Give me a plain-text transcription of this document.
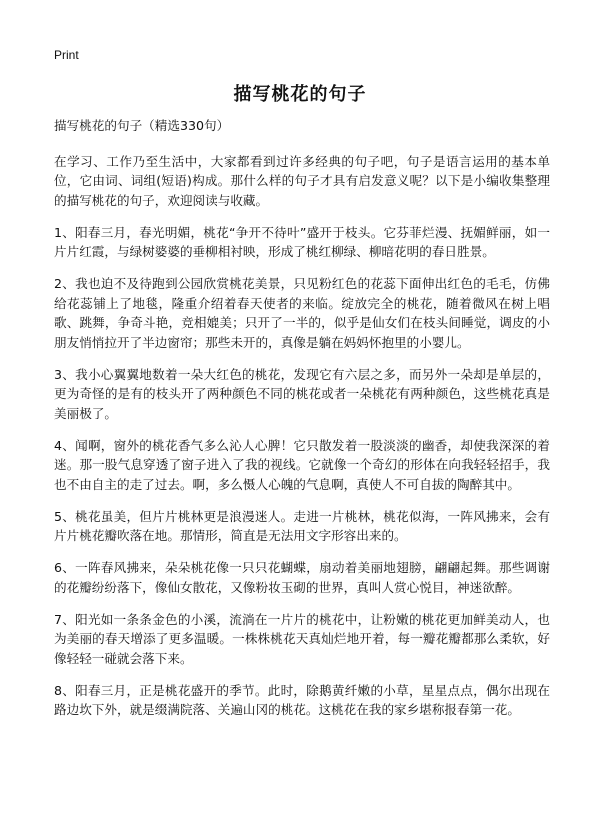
Print
描写桃花的句子

描写桃花的句子（精选330句）

在学习、工作乃至生活中，大家都看到过许多经典的句子吧，句子是语言运用的基本单位，它由词、词组(短语)构成。那什么样的句子才具有启发意义呢？以下是小编收集整理的描写桃花的句子，欢迎阅读与收藏。

1、阳春三月，春光明媚，桃花“争开不待叶”盛开于枝头。它芬菲烂漫、抚媚鲜丽，如一片片红霞，与绿树婆婆的垂柳相衬映，形成了桃红柳绿、柳暗花明的春日胜景。

2、我也迫不及待跑到公园欣赏桃花美景，只见粉红色的花蕊下面伸出红色的毛毛，仿佛给花蕊铺上了地毯，隆重介绍着春天使者的来临。绽放完全的桃花，随着微风在树上唱歌、跳舞，争奇斗艳，竞相媲美；只开了一半的，似乎是仙女们在枝头间睡觉，调皮的小朋友悄悄拉开了半边窗帘；那些未开的，真像是躺在妈妈怀抱里的小婴儿。

3、我小心翼翼地数着一朵大红色的桃花，发现它有六层之多，而另外一朵却是单层的，更为奇怪的是有的枝头开了两种颜色不同的桃花或者一朵桃花有两种颜色，这些桃花真是美丽极了。

4、闻啊，窗外的桃花香气多么沁人心脾！它只散发着一股淡淡的幽香，却使我深深的着迷。那一股气息穿透了窗子进入了我的视线。它就像一个奇幻的形体在向我轻轻招手，我也不由自主的走了过去。啊，多么慑人心魄的气息啊，真使人不可自拔的陶醉其中。

5、桃花虽美，但片片桃林更是浪漫迷人。走进一片桃林，桃花似海，一阵风拂来，会有片片桃花瓣吹落在地。那情形，简直是无法用文字形容出来的。

6、一阵春风拂来，朵朵桃花像一只只花蝴蝶，扇动着美丽地翅膀，翩翩起舞。那些调谢的花瓣纷纷落下，像仙女散花，又像粉妆玉砌的世界，真叫人赏心悦目，神迷欲醉。

7、阳光如一条条金色的小溪，流淌在一片片的桃花中，让粉嫩的桃花更加鲜美动人，也为美丽的春天增添了更多温暖。一株株桃花天真灿烂地开着，每一瓣花瓣都那么柔软，好像轻轻一碰就会落下来。

8、阳春三月，正是桃花盛开的季节。此时，除鹅黄纤嫩的小草，星星点点，偶尔出现在路边坎下外，就是缀满院落、关遍山冈的桃花。这桃花在我的家乡堪称报春第一花。
